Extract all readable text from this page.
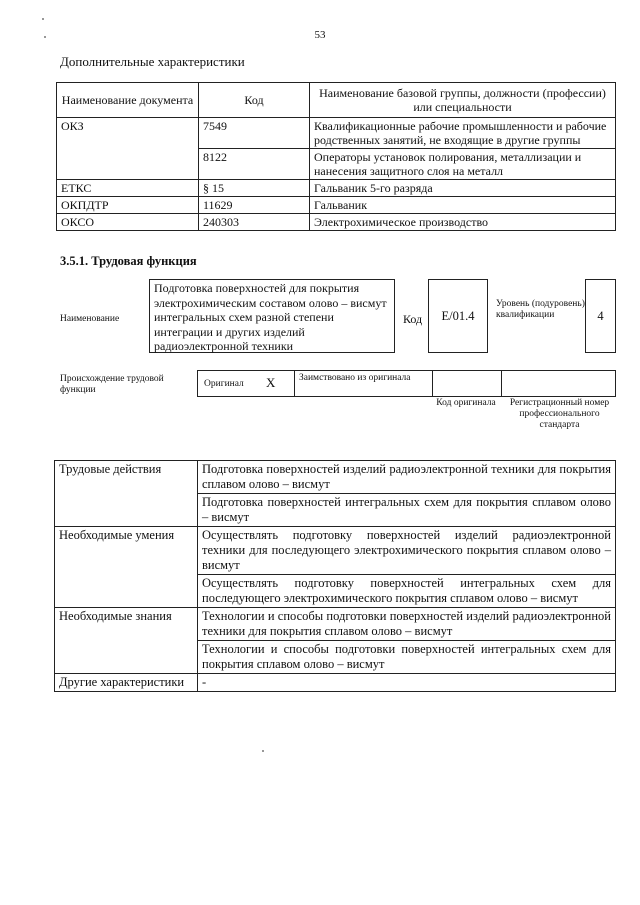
53
Дополнительные характеристики
Наименование документа	Код	Наименование базовой группы, должности (профессии) или специальности
ОКЗ	7549	Квалификационные рабочие промышленности и рабочие родственных занятий, не входящие в другие группы
	8122	Операторы установок полирования, металлизации и нанесения защитного слоя на металл
ЕТКС	§ 15	Гальваник 5-го разряда
ОКПДТР	11629	Гальваник
ОКСО	240303	Электрохимическое производство
3.5.1. Трудовая функция
Наименование
Подготовка поверхностей для покрытия электрохимическим составом олово – висмут интегральных схем разной степени интеграции и других изделий радиоэлектронной техники
Код	E/01.4
Уровень (подуровень) квалификации	4
Происхождение трудовой функции
Оригинал X Заимствовано из оригинала
Код оригинала	Регистрационный номер профессионального стандарта
Трудовые действия	Подготовка поверхностей изделий радиоэлектронной техники для покрытия сплавом олово – висмут
	Подготовка поверхностей интегральных схем для покрытия сплавом олово – висмут
Необходимые умения	Осуществлять подготовку поверхностей изделий радиоэлектронной техники для последующего электрохимического покрытия сплавом олово – висмут
	Осуществлять подготовку поверхностей интегральных схем для последующего электрохимического покрытия сплавом олово – висмут
Необходимые знания	Технологии и способы подготовки поверхностей изделий радиоэлектронной техники для покрытия сплавом олово – висмут
	Технологии и способы подготовки поверхностей интегральных схем для покрытия сплавом олово – висмут
Другие характеристики	-
